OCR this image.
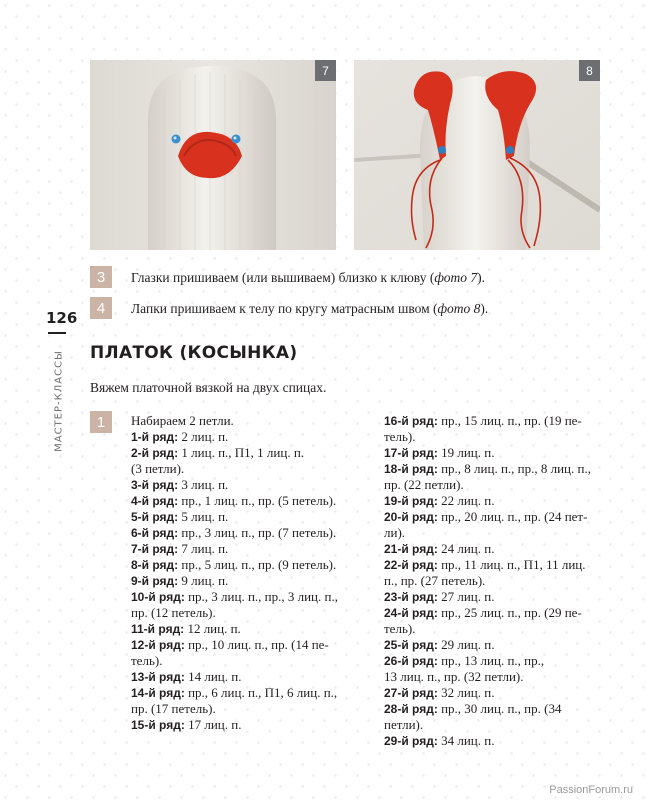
7	8
3	Глазки пришиваем (или вышиваем) близко к клюву (фото 7).
4	Лапки пришиваем к телу по кругу матрасным швом (фото 8).
126
МАСТЕР-КЛАССЫ ПЛАТОК (КОСЫНКА)
Вяжем платочной вязкой на двух спицах.
1	Набираем 2 петли.
1-й ряд: 2 лиц. п.
2-й ряд: 1 лиц. п., П1, 1 лиц. п.
(3 петли).
3-й ряд: 3 лиц. п.
4-й ряд: пр., 1 лиц. п., пр. (5 петель).
5-й ряд: 5 лиц. п.
6-й ряд: пр., 3 лиц. п., пр. (7 петель).
7-й ряд: 7 лиц. п.
8-й ряд: пр., 5 лиц. п., пр. (9 петель).
9-й ряд: 9 лиц. п.
10-й ряд: пр., 3 лиц. п., пр., 3 лиц. п.,
пр. (12 петель).
11-й ряд: 12 лиц. п.
12-й ряд: пр., 10 лиц. п., пр. (14 пе-
тель).
13-й ряд: 14 лиц. п.
14-й ряд: пр., 6 лиц. п., П1, 6 лиц. п.,
пр. (17 петель).
15-й ряд: 17 лиц. п.
16-й ряд: пр., 15 лиц. п., пр. (19 пе-
тель).
17-й ряд: 19 лиц. п.
18-й ряд: пр., 8 лиц. п., пр., 8 лиц. п.,
пр. (22 петли).
19-й ряд: 22 лиц. п.
20-й ряд: пр., 20 лиц. п., пр. (24 пет-
ли).
21-й ряд: 24 лиц. п.
22-й ряд: пр., 11 лиц. п., П1, 11 лиц.
п., пр. (27 петель).
23-й ряд: 27 лиц. п.
24-й ряд: пр., 25 лиц. п., пр. (29 пе-
тель).
25-й ряд: 29 лиц. п.
26-й ряд: пр., 13 лиц. п., пр.,
13 лиц. п., пр. (32 петли).
27-й ряд: 32 лиц. п.
28-й ряд: пр., 30 лиц. п., пр. (34 петли).
29-й ряд: 34 лиц. п.
PassionForum.ru
